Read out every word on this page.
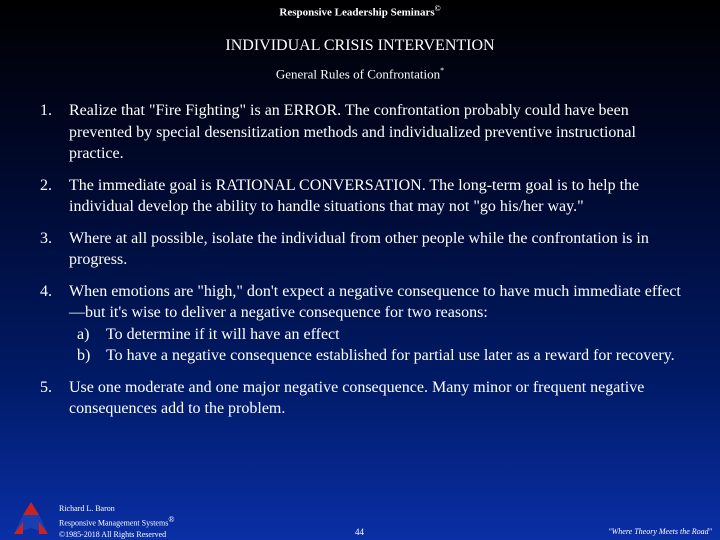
Responsive Leadership Seminars©
INDIVIDUAL CRISIS INTERVENTION
General Rules of Confrontation*
1. Realize that "Fire Fighting" is an ERROR. The confrontation probably could have been prevented by special desensitization methods and individualized preventive instructional practice.
2. The immediate goal is RATIONAL CONVERSATION. The long-term goal is to help the individual develop the ability to handle situations that may not "go his/her way."
3. Where at all possible, isolate the individual from other people while the confrontation is in progress.
4. When emotions are "high," don't expect a negative consequence to have much immediate effect—but it's wise to deliver a negative consequence for two reasons:
a) To determine if it will have an effect
b) To have a negative consequence established for partial use later as a reward for recovery.
5. Use one moderate and one major negative consequence. Many minor or frequent negative consequences add to the problem.
Richard L. Baron
Responsive Management Systems®
©1985-2018 All Rights Reserved	44	"Where Theory Meets the Road"
